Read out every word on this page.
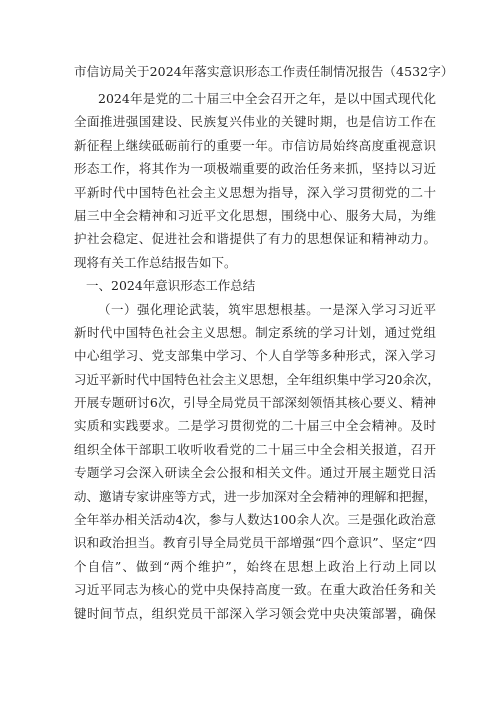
市信访局关于2024年落实意识形态工作责任制情况报告（4532字）
2024年是党的二十届三中全会召开之年，是以中国式现代化
全面推进强国建设、民族复兴伟业的关键时期，也是信访工作在
新征程上继续砥砺前行的重要一年。市信访局始终高度重视意识
形态工作，将其作为一项极端重要的政治任务来抓，坚持以习近
平新时代中国特色社会主义思想为指导，深入学习贯彻党的二十
届三中全会精神和习近平文化思想，围绕中心、服务大局，为维
护社会稳定、促进社会和谐提供了有力的思想保证和精神动力。
现将有关工作总结报告如下。
一、2024年意识形态工作总结
（一）强化理论武装，筑牢思想根基。一是深入学习习近平
新时代中国特色社会主义思想。制定系统的学习计划，通过党组
中心组学习、党支部集中学习、个人自学等多种形式，深入学习
习近平新时代中国特色社会主义思想，全年组织集中学习20余次，
开展专题研讨6次，引导全局党员干部深刻领悟其核心要义、精神
实质和实践要求。二是学习贯彻党的二十届三中全会精神。及时
组织全体干部职工收听收看党的二十届三中全会相关报道，召开
专题学习会深入研读全会公报和相关文件。通过开展主题党日活
动、邀请专家讲座等方式，进一步加深对全会精神的理解和把握，
全年举办相关活动4次，参与人数达100余人次。三是强化政治意
识和政治担当。教育引导全局党员干部增强“四个意识”、坚定“四
个自信”、做到“两个维护”，始终在思想上政治上行动上同以
习近平同志为核心的党中央保持高度一致。在重大政治任务和关
键时间节点，组织党员干部深入学习领会党中央决策部署，确保
